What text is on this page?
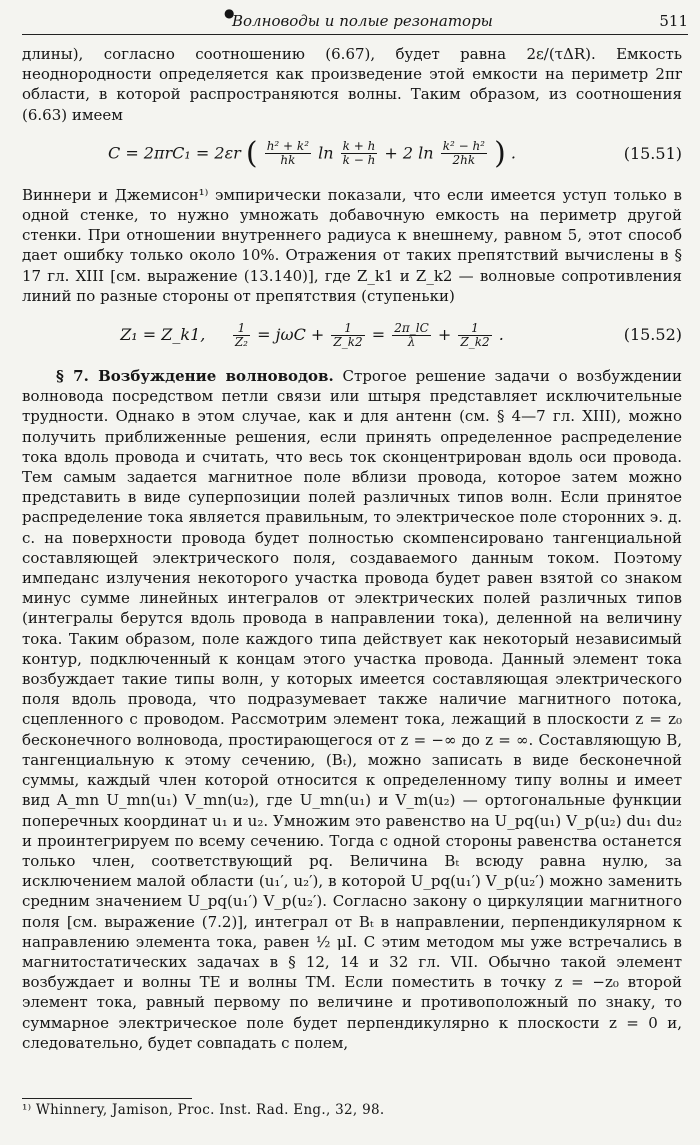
●
Волноводы и полые резонаторы	511

длины), согласно соотношению (6.67), будет равна 2ε/(τΔR). Емкость неоднородности определяется как произведение этой емкости на периметр 2πr области, в которой распространяются волны. Таким образом, из соотношения (6.63) имеем

C = 2πrC₁ = 2εr ( $\frac{\text{h² + k²}}{hk}$ $\ln \frac{k + h}{k - h} + 2$ $\ln \frac{\text{k² − h²}}{2hk}$ ) .	(15.51)

Виннери и Джемисон¹⁾ эмпирически показали, что если имеется уступ только в одной стенке, то нужно умножать добавочную емкость на периметр другой стенки. При отношении внутреннего радиуса к внешнему, равном 5, этот способ дает ошибку только около 10%. Отражения от таких препятствий вычислены в § 17 гл. XIII [см. выражение (13.140)], где Z_k1 и Z_k2 — волновые сопротивления линий по разные стороны от препятствия (ступеньки)

Z₁ = Z_k1, $\frac{1}{\text{Z₂}} = j\omega C + \frac{1}{Z\_k2} = \frac{2\pi\_lC}{\lambda} + \frac{1}{Z\_k2}$ .	(15.52)

§ 7. Возбуждение волноводов. Строгое решение задачи о возбуждении волновода посредством петли связи или штыря представляет исключительные трудности. Однако в этом случае, как и для антенн (см. § 4—7 гл. XIII), можно получить приближенные решения, если принять определенное распределение тока вдоль провода и считать, что весь ток сконцентрирован вдоль оси провода. Тем самым задается магнитное поле вблизи провода, которое затем можно представить в виде суперпозиции полей различных типов волн. Если принятое распределение тока является правильным, то электрическое поле сторонних э. д. с. на поверхности провода будет полностью скомпенсировано тангенциальной составляющей электрического поля, создаваемого данным током. Поэтому импеданс излучения некоторого участка провода будет равен взятой со знаком минус сумме линейных интегралов от электрических полей различных типов (интегралы берутся вдоль провода в направлении тока), деленной на величину тока. Таким образом, поле каждого типа действует как некоторый независимый контур, подключенный к концам этого участка провода. Данный элемент тока возбуждает такие типы волн, у которых имеется составляющая электрического поля вдоль провода, что подразумевает также наличие магнитного потока, сцепленного с проводом. Рассмотрим элемент тока, лежащий в плоскости z = z₀ бесконечного волновода, простирающегося от z = −∞ до z = ∞. Составляющую B, тангенциальную к этому сечению, (Bₜ), можно записать в виде бесконечной суммы, каждый член которой относится к определенному типу волны и имеет вид A_mn U_mn(u₁) V_mn(u₂), где U_mn(u₁) и V_m(u₂) — ортогональные функции поперечных координат u₁ и u₂. Умножим это равенство на U_pq(u₁) V_p(u₂) du₁ du₂ и проинтегрируем по всему сечению. Тогда с одной стороны равенства останется только член, соответствующий pq. Величина Bₜ всюду равна нулю, за исключением малой области (u₁′, u₂′), в которой U_pq(u₁′) V_p(u₂′) можно заменить средним значением U_pq(u₁′) V_p(u₂′). Согласно закону о циркуляции магнитного поля [см. выражение (7.2)], интеграл от Bₜ в направлении, перпендикулярном к направлению элемента тока, равен ½ μI. С этим методом мы уже встречались в магнитостатических задачах в § 12, 14 и 32 гл. VII. Обычно такой элемент возбуждает и волны TE и волны TM. Если поместить в точку z = −z₀ второй элемент тока, равный первому по величине и противоположный по знаку, то суммарное электрическое поле будет перпендикулярно к плоскости z = 0 и, следовательно, будет совпадать с полем,

¹⁾ Whinnery, Jamison, Proc. Inst. Rad. Eng., 32, 98.
